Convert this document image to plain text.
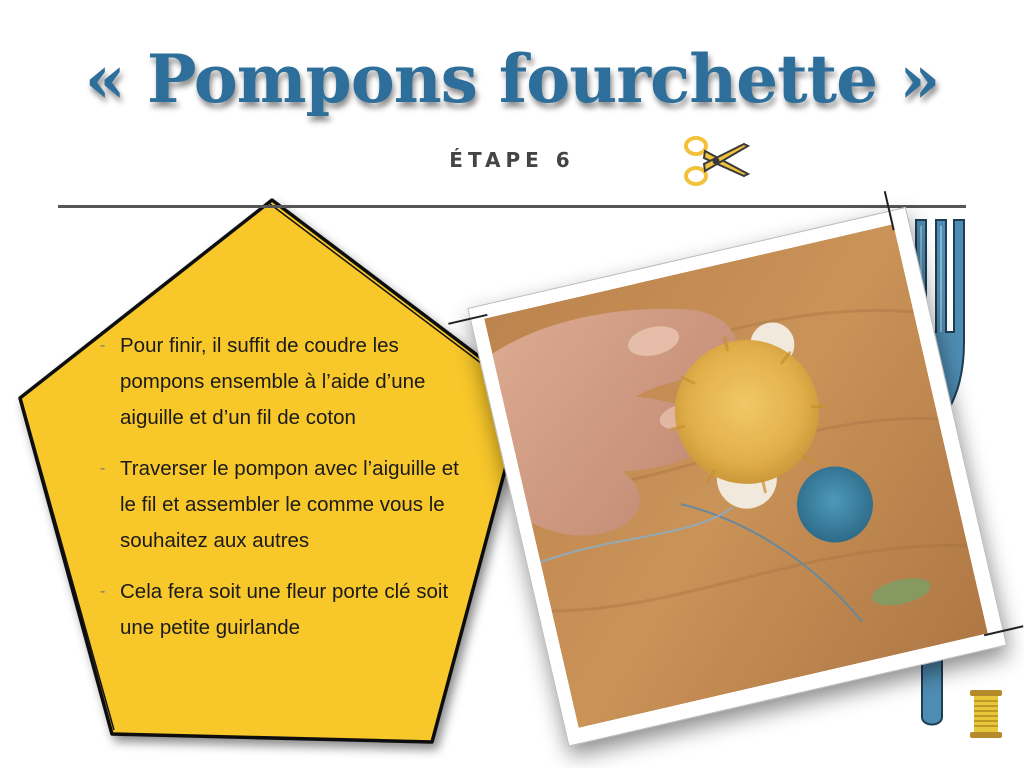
« Pompons fourchette »
ÉTAPE 6
- Pour finir, il suffit de coudre les pompons ensemble à l’aide d’une aiguille et d’un fil de coton
- Traverser le pompon avec l’aiguille et le fil et assembler le comme vous le souhaitez aux autres
- Cela fera soit une fleur porte clé soit une petite guirlande
